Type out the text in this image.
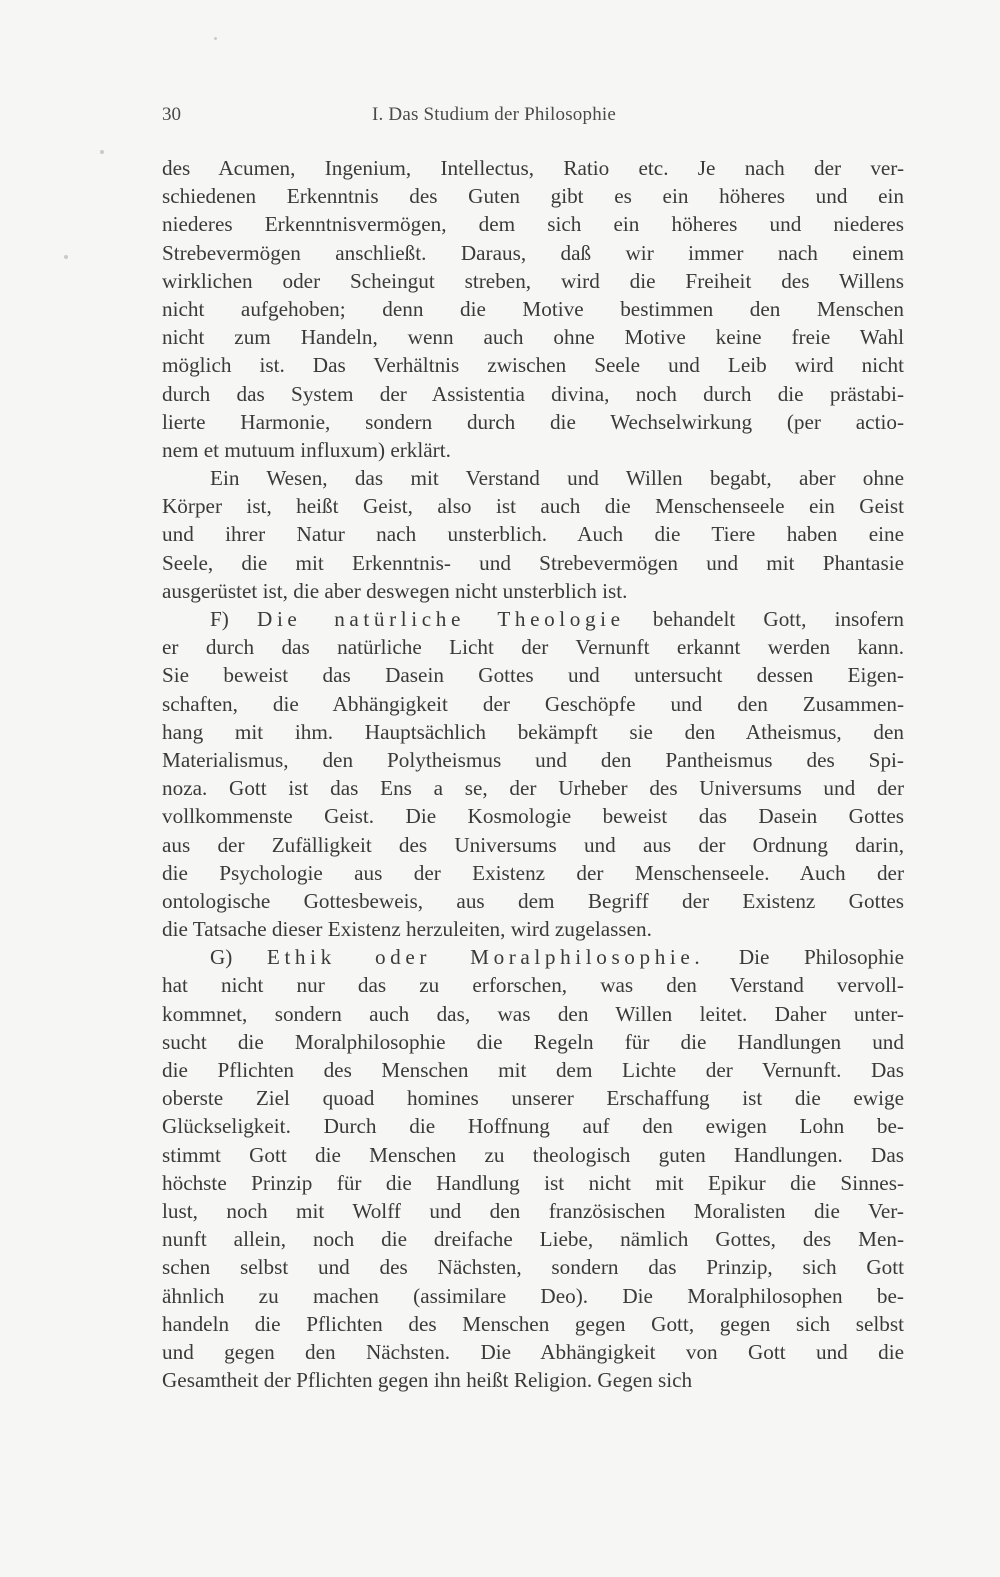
30	I. Das Studium der Philosophie
des Acumen, Ingenium, Intellectus, Ratio etc. Je nach der ver-
schiedenen Erkenntnis des Guten gibt es ein höheres und ein
niederes Erkenntnisvermögen, dem sich ein höheres und niederes
Strebevermögen anschließt. Daraus, daß wir immer nach einem
wirklichen oder Scheingut streben, wird die Freiheit des Willens
nicht aufgehoben; denn die Motive bestimmen den Menschen
nicht zum Handeln, wenn auch ohne Motive keine freie Wahl
möglich ist. Das Verhältnis zwischen Seele und Leib wird nicht
durch das System der Assistentia divina, noch durch die prästabi-
lierte Harmonie, sondern durch die Wechselwirkung (per actio-
nem et mutuum influxum) erklärt.
Ein Wesen, das mit Verstand und Willen begabt, aber ohne
Körper ist, heißt Geist, also ist auch die Menschenseele ein Geist
und ihrer Natur nach unsterblich. Auch die Tiere haben eine
Seele, die mit Erkenntnis- und Strebevermögen und mit Phantasie
ausgerüstet ist, die aber deswegen nicht unsterblich ist.
F) Die natürliche Theologie behandelt Gott, insofern
er durch das natürliche Licht der Vernunft erkannt werden kann.
Sie beweist das Dasein Gottes und untersucht dessen Eigen-
schaften, die Abhängigkeit der Geschöpfe und den Zusammen-
hang mit ihm. Hauptsächlich bekämpft sie den Atheismus, den
Materialismus, den Polytheismus und den Pantheismus des Spi-
noza. Gott ist das Ens a se, der Urheber des Universums und der
vollkommenste Geist. Die Kosmologie beweist das Dasein Gottes
aus der Zufälligkeit des Universums und aus der Ordnung darin,
die Psychologie aus der Existenz der Menschenseele. Auch der
ontologische Gottesbeweis, aus dem Begriff der Existenz Gottes
die Tatsache dieser Existenz herzuleiten, wird zugelassen.
G) Ethik oder Moralphilosophie. Die Philosophie
hat nicht nur das zu erforschen, was den Verstand vervoll-
kommnet, sondern auch das, was den Willen leitet. Daher unter-
sucht die Moralphilosophie die Regeln für die Handlungen und
die Pflichten des Menschen mit dem Lichte der Vernunft. Das
oberste Ziel quoad homines unserer Erschaffung ist die ewige
Glückseligkeit. Durch die Hoffnung auf den ewigen Lohn be-
stimmt Gott die Menschen zu theologisch guten Handlungen. Das
höchste Prinzip für die Handlung ist nicht mit Epikur die Sinnes-
lust, noch mit Wolff und den französischen Moralisten die Ver-
nunft allein, noch die dreifache Liebe, nämlich Gottes, des Men-
schen selbst und des Nächsten, sondern das Prinzip, sich Gott
ähnlich zu machen (assimilare Deo). Die Moralphilosophen be-
handeln die Pflichten des Menschen gegen Gott, gegen sich selbst
und gegen den Nächsten. Die Abhängigkeit von Gott und die
Gesamtheit der Pflichten gegen ihn heißt Religion. Gegen sich
